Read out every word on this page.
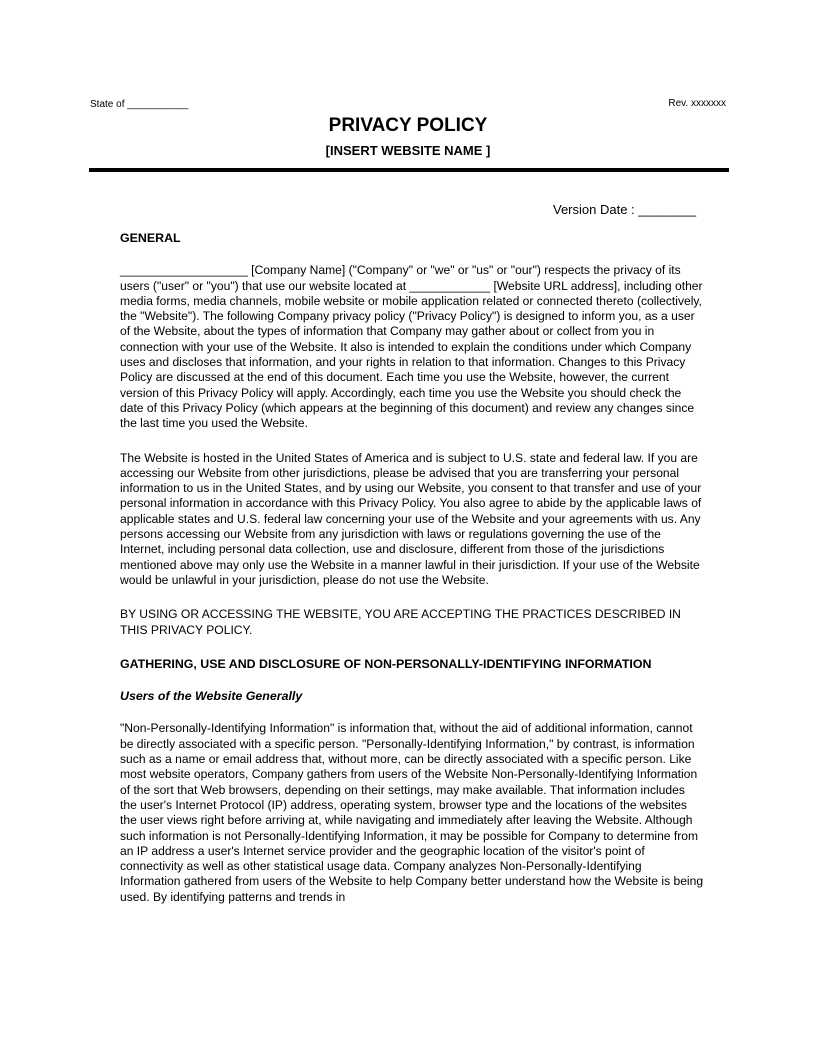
State of ___________	Rev. xxxxxxx
PRIVACY POLICY
[INSERT WEBSITE NAME ]
Version Date : ________

GENERAL

___________________ [Company Name] ("Company" or "we" or "us" or "our") respects the privacy of its users ("user" or "you") that use our website located at ____________ [Website URL address], including other media forms, media channels, mobile website or mobile application related or connected thereto (collectively, the "Website"). The following Company privacy policy ("Privacy Policy") is designed to inform you, as a user of the Website, about the types of information that Company may gather about or collect from you in connection with your use of the Website. It also is intended to explain the conditions under which Company uses and discloses that information, and your rights in relation to that information. Changes to this Privacy Policy are discussed at the end of this document. Each time you use the Website, however, the current version of this Privacy Policy will apply. Accordingly, each time you use the Website you should check the date of this Privacy Policy (which appears at the beginning of this document) and review any changes since the last time you used the Website.

The Website is hosted in the United States of America and is subject to U.S. state and federal law. If you are accessing our Website from other jurisdictions, please be advised that you are transferring your personal information to us in the United States, and by using our Website, you consent to that transfer and use of your personal information in accordance with this Privacy Policy. You also agree to abide by the applicable laws of applicable states and U.S. federal law concerning your use of the Website and your agreements with us. Any persons accessing our Website from any jurisdiction with laws or regulations governing the use of the Internet, including personal data collection, use and disclosure, different from those of the jurisdictions mentioned above may only use the Website in a manner lawful in their jurisdiction. If your use of the Website would be unlawful in your jurisdiction, please do not use the Website.

BY USING OR ACCESSING THE WEBSITE, YOU ARE ACCEPTING THE PRACTICES DESCRIBED IN THIS PRIVACY POLICY.

GATHERING, USE AND DISCLOSURE OF NON-PERSONALLY-IDENTIFYING INFORMATION

Users of the Website Generally

"Non-Personally-Identifying Information" is information that, without the aid of additional information, cannot be directly associated with a specific person. "Personally-Identifying Information," by contrast, is information such as a name or email address that, without more, can be directly associated with a specific person. Like most website operators, Company gathers from users of the Website Non-Personally-Identifying Information of the sort that Web browsers, depending on their settings, may make available. That information includes the user's Internet Protocol (IP) address, operating system, browser type and the locations of the websites the user views right before arriving at, while navigating and immediately after leaving the Website. Although such information is not Personally-Identifying Information, it may be possible for Company to determine from an IP address a user's Internet service provider and the geographic location of the visitor's point of connectivity as well as other statistical usage data. Company analyzes Non-Personally-Identifying Information gathered from users of the Website to help Company better understand how the Website is being used. By identifying patterns and trends in
